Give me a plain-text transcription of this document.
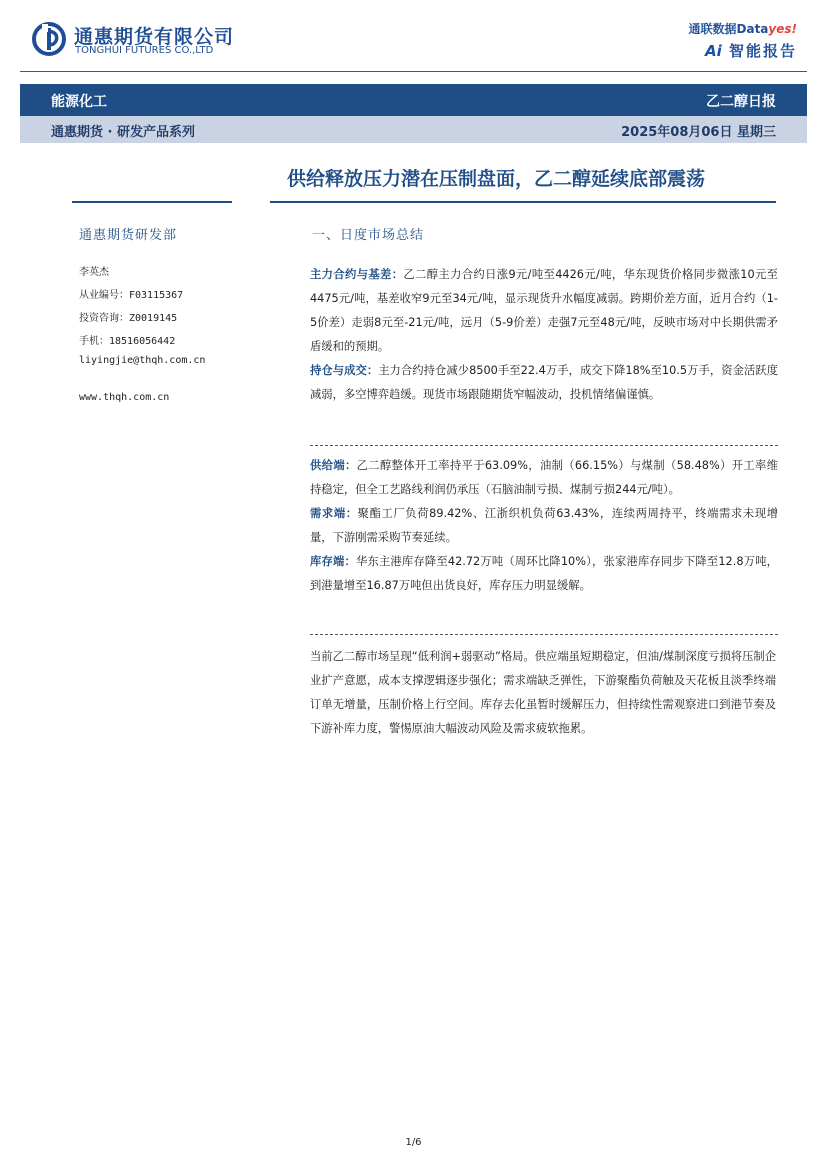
通惠期货有限公司
TONGHUI FUTURES CO.,LTD
通联数据Datayes!
Ai 智能报告
能源化工	乙二醇日报
通惠期货 · 研发产品系列	2025年08月06日 星期三
供给释放压力潜在压制盘面，乙二醇延续底部震荡
通惠期货研发部
李英杰
从业编号：F03115367
投资咨询：Z0019145
手机：18516056442
liyingjie@thqh.com.cn
www.thqh.com.cn
一、日度市场总结

主力合约与基差：乙二醇主力合约日涨9元/吨至4426元/吨，华东现货价格同步微涨10元至4475元/吨，基差收窄9元至34元/吨，显示现货升水幅度减弱。跨期价差方面，近月合约（1-5价差）走弱8元至-21元/吨，远月（5-9价差）走强7元至48元/吨，反映市场对中长期供需矛盾缓和的预期。

持仓与成交：主力合约持仓减少8500手至22.4万手，成交下降18%至10.5万手，资金活跃度减弱，多空博弈趋缓。现货市场跟随期货窄幅波动，投机情绪偏谨慎。

供给端：乙二醇整体开工率持平于63.09%，油制（66.15%）与煤制（58.48%）开工率维持稳定，但全工艺路线利润仍承压（石脑油制亏损、煤制亏损244元/吨）。

需求端：聚酯工厂负荷89.42%、江浙织机负荷63.43%，连续两周持平，终端需求未现增量，下游刚需采购节奏延续。

库存端：华东主港库存降至42.72万吨（周环比降10%），张家港库存同步下降至12.8万吨，到港量增至16.87万吨但出货良好，库存压力明显缓解。

当前乙二醇市场呈现“低利润+弱驱动”格局。供应端虽短期稳定，但油/煤制深度亏损将压制企业扩产意愿，成本支撑逻辑逐步强化；需求端缺乏弹性，下游聚酯负荷触及天花板且淡季终端订单无增量，压制价格上行空间。库存去化虽暂时缓解压力，但持续性需观察进口到港节奏及下游补库力度，警惕原油大幅波动风险及需求疲软拖累。

1/6
